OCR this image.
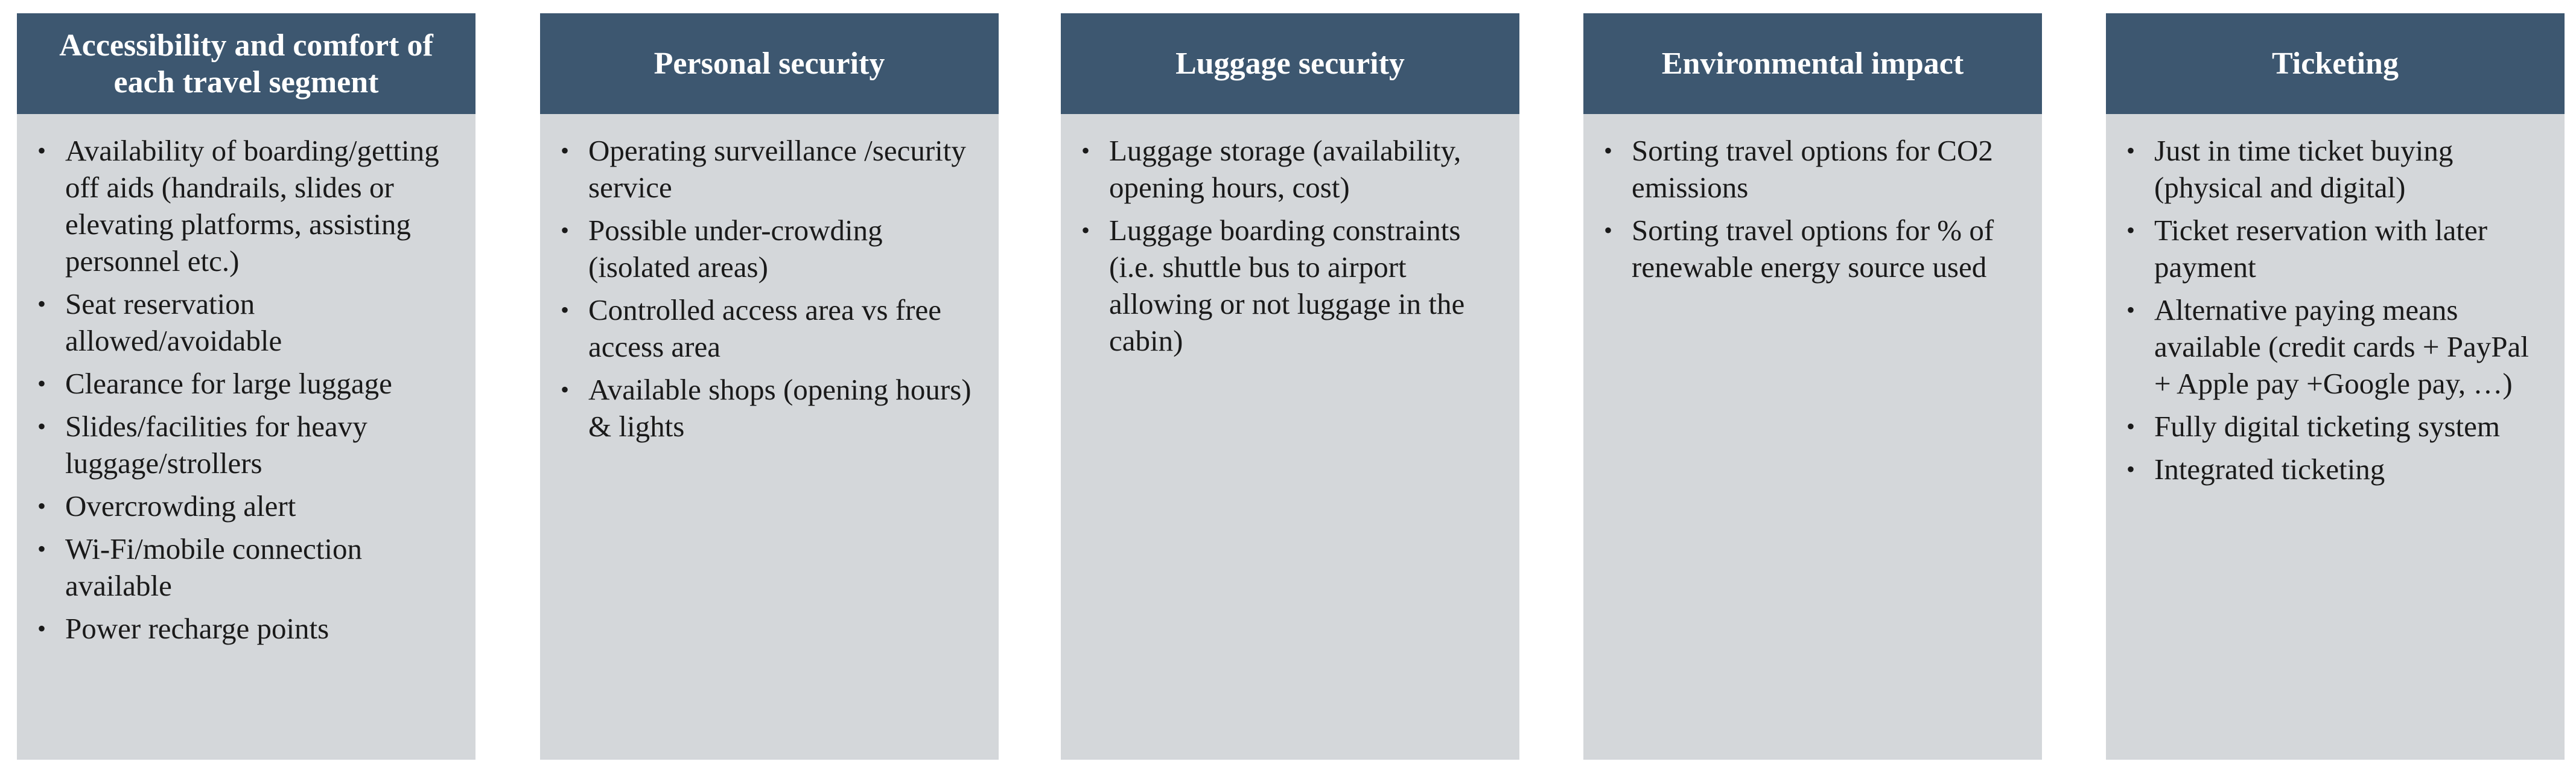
Accessibility and comfort of each travel segment
• Availability of boarding/getting off aids (handrails, slides or elevating platforms, assisting personnel etc.)
• Seat reservation allowed/avoidable
• Clearance for large luggage
• Slides/facilities for heavy luggage/strollers
• Overcrowding alert
• Wi-Fi/mobile connection available
• Power recharge points
Personal security
• Operating surveillance /security service
• Possible under-crowding (isolated areas)
• Controlled access area vs free access area
• Available shops (opening hours) & lights
Luggage security
• Luggage storage (availability, opening hours, cost)
• Luggage boarding constraints (i.e. shuttle bus to airport allowing or not luggage in the cabin)
Environmental impact
• Sorting travel options for CO2 emissions
• Sorting travel options for % of renewable energy source used
Ticketing
• Just in time ticket buying (physical and digital)
• Ticket reservation with later payment
• Alternative paying means available (credit cards + PayPal + Apple pay +Google pay, …)
• Fully digital ticketing system
• Integrated ticketing
